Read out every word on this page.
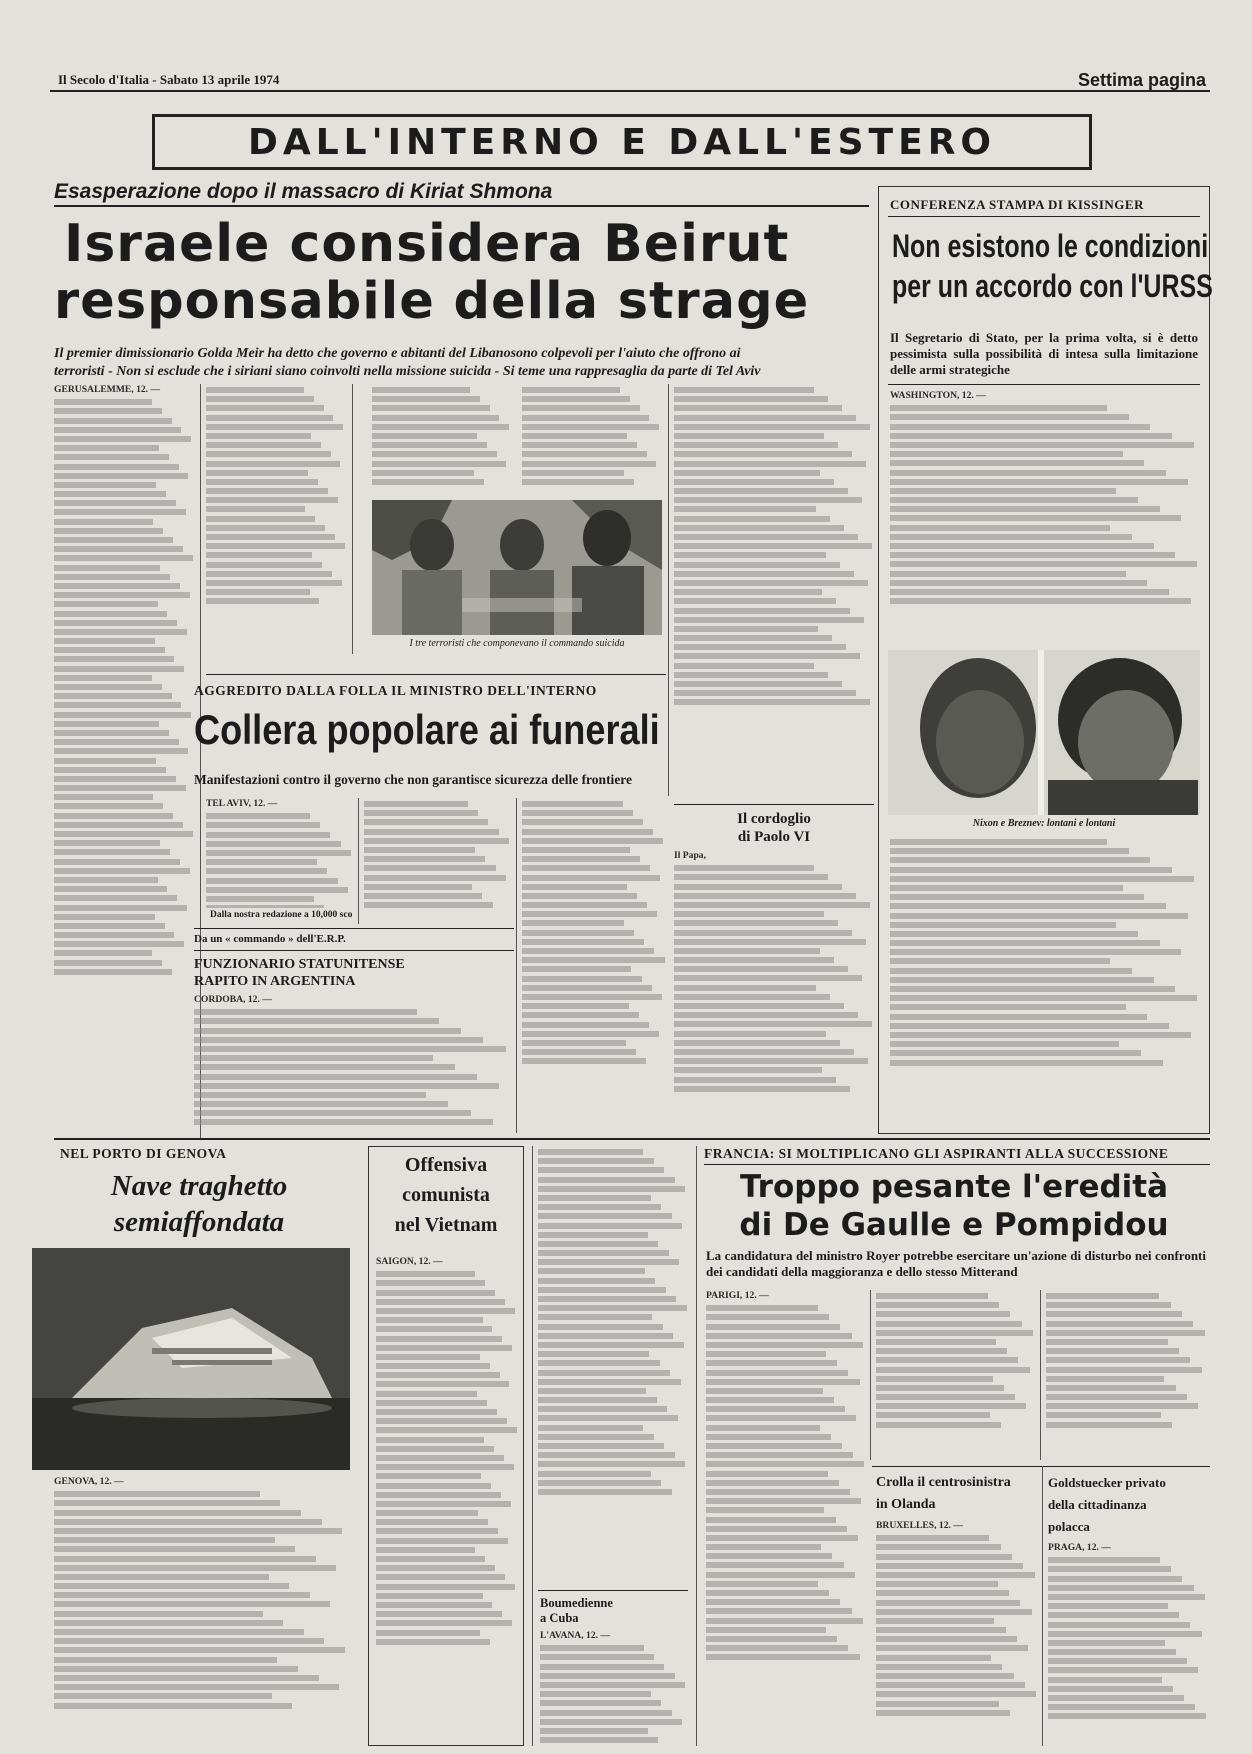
Il Secolo d'Italia - Sabato 13 aprile 1974	Settima pagina
DALL'INTERNO E DALL'ESTERO
Esasperazione dopo il massacro di Kiriat Shmona
Israele considera Beirut
responsabile della strage
Il premier dimissionario Golda Meir ha detto che governo e abitanti del Libanosono colpevoli per l'aiuto che offrono ai
terroristi - Non si esclude che i siriani siano coinvolti nella missione suicida - Si teme una rappresaglia da parte di Tel Aviv
GERUSALEMME, 12. —
I tre terroristi che componevano il commando suicida
Il cordoglio
di Paolo VI
Il Papa,
AGGREDITO DALLA FOLLA IL MINISTRO DELL'INTERNO
Collera popolare ai funerali
Manifestazioni contro il governo che non garantisce sicurezza delle frontiere
TEL AVIV, 12. —
Dalla nostra redazione a 10,000 sco
Da un « commando » dell'E.R.P.
FUNZIONARIO STATUNITENSE
RAPITO IN ARGENTINA
CORDOBA, 12. —
CONFERENZA STAMPA DI KISSINGER
Non esistono le condizioni
per un accordo con l'URSS
Il Segretario di Stato, per la prima volta, si è detto pessimista sulla possibilità di intesa sulla limitazione delle armi strategiche
WASHINGTON, 12. —
Nixon e Breznev: lontani e lontani
NEL PORTO DI GENOVA
Nave traghetto
semiaffondata
GENOVA, 12. —
Offensiva
comunista
nel Vietnam
SAIGON, 12. —
Boumedienne
a Cuba
L'AVANA, 12. —
FRANCIA: SI MOLTIPLICANO GLI ASPIRANTI ALLA SUCCESSIONE
Troppo pesante l'eredità
di De Gaulle e Pompidou
La candidatura del ministro Royer potrebbe esercitare un'azione di disturbo nei confronti dei candidati della maggioranza e dello stesso Mitterand
PARIGI, 12. —
Crolla il centrosinistra
in Olanda
BRUXELLES, 12. —
Goldstuecker privato
della cittadinanza
polacca
PRAGA, 12. —
